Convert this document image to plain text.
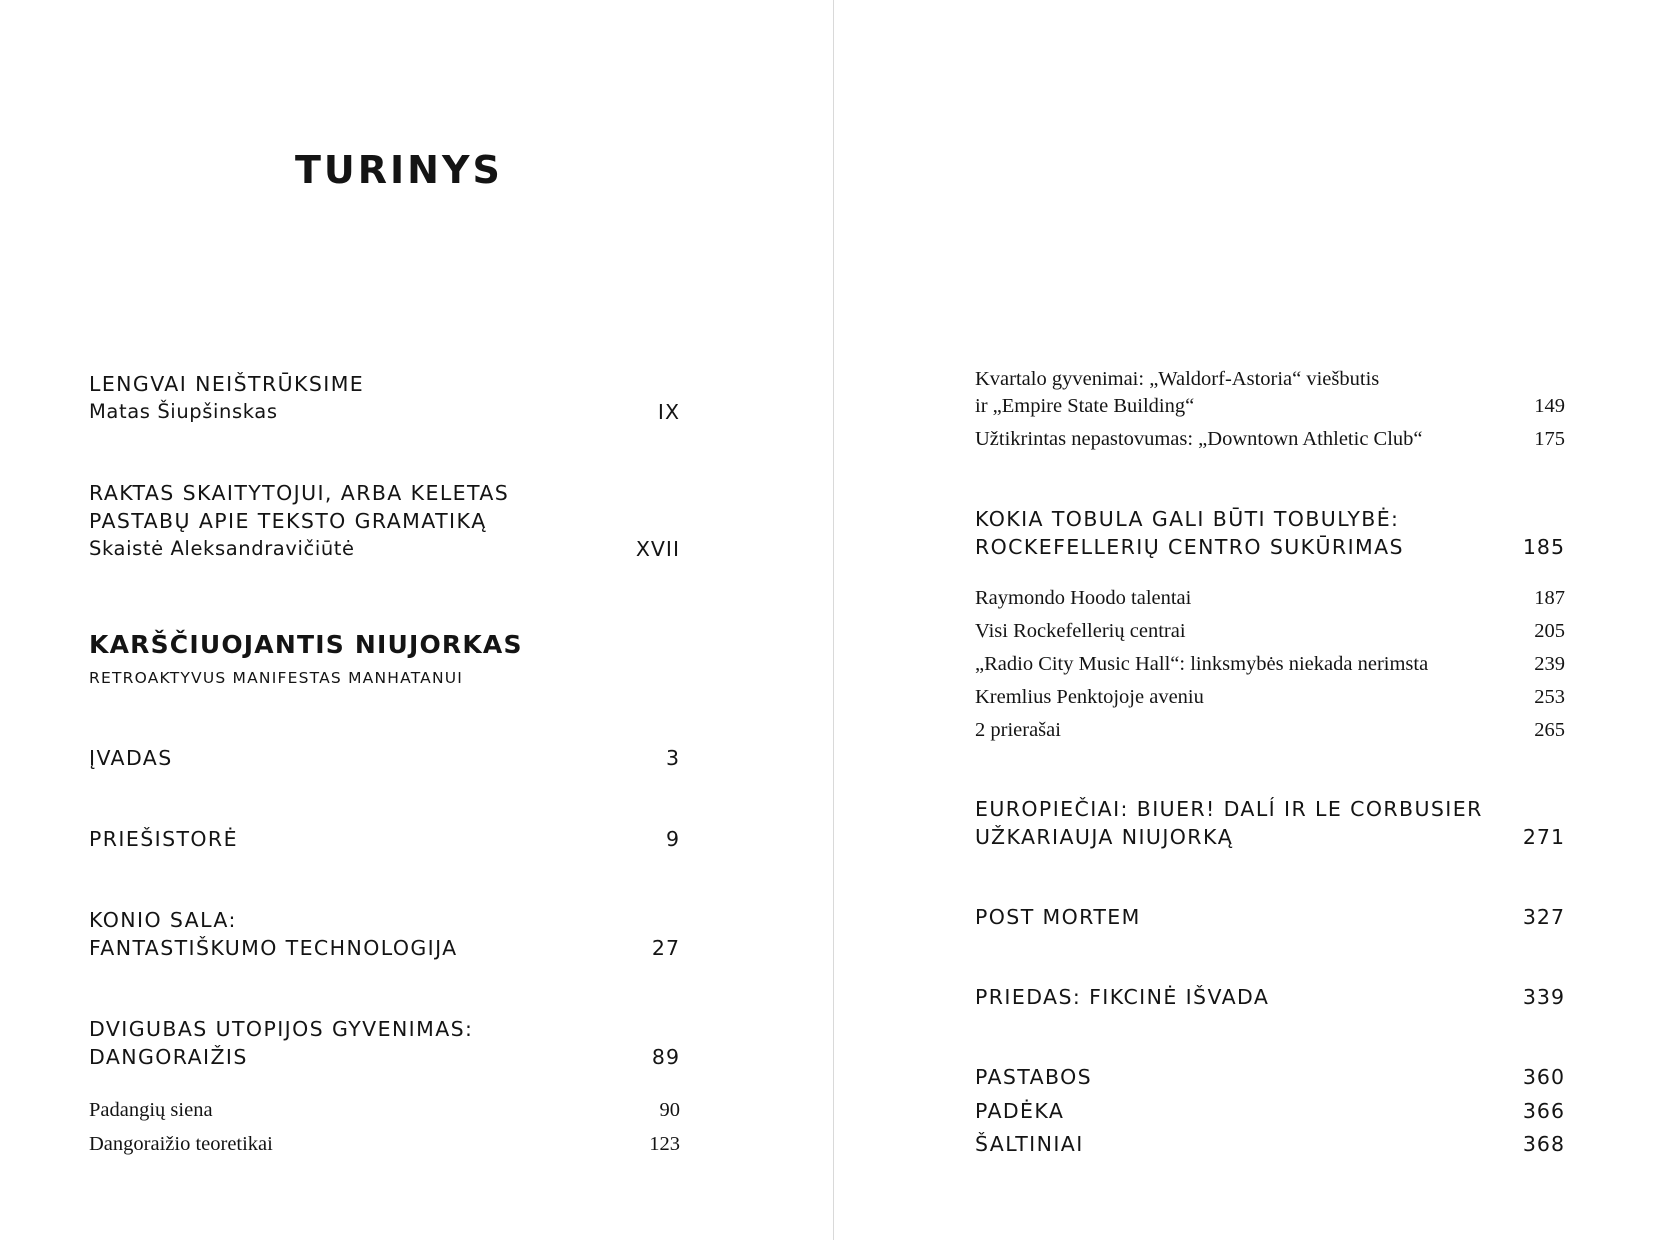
TURINYS
LENGVAI NEIŠTRŪKSIME
Matas Šiupšinskas	IX
RAKTAS SKAITYTOJUI, ARBA KELETAS
PASTABŲ APIE TEKSTO GRAMATIKĄ
Skaistė Aleksandravičiūtė	XVII
KARŠČIUOJANTIS NIUJORKAS
RETROAKTYVUS MANIFESTAS MANHATANUI
ĮVADAS	3
PRIEŠISTORĖ	9
KONIO SALA:
FANTASTIŠKUMO TECHNOLOGIJA	27
DVIGUBAS UTOPIJOS GYVENIMAS:
DANGORAIŽIS	89
Padangių siena	90
Dangoraižio teoretikai	123
Kvartalo gyvenimai: „Waldorf-Astoria“ viešbutis
ir „Empire State Building“	149
Užtikrintas nepastovumas: „Downtown Athletic Club“	175
KOKIA TOBULA GALI BŪTI TOBULYBĖ:
ROCKEFELLERIŲ CENTRO SUKŪRIMAS	185
Raymondo Hoodo talentai	187
Visi Rockefellerių centrai	205
„Radio City Music Hall“: linksmybės niekada nerimsta	239
Kremlius Penktojoje aveniu	253
2 prierašai	265
EUROPIEČIAI: BIUER! DALÍ IR LE CORBUSIER
UŽKARIAUJA NIUJORKĄ	271
POST MORTEM	327
PRIEDAS: FIKCINĖ IŠVADA	339
PASTABOS	360
PADĖKA	366
ŠALTINIAI	368
